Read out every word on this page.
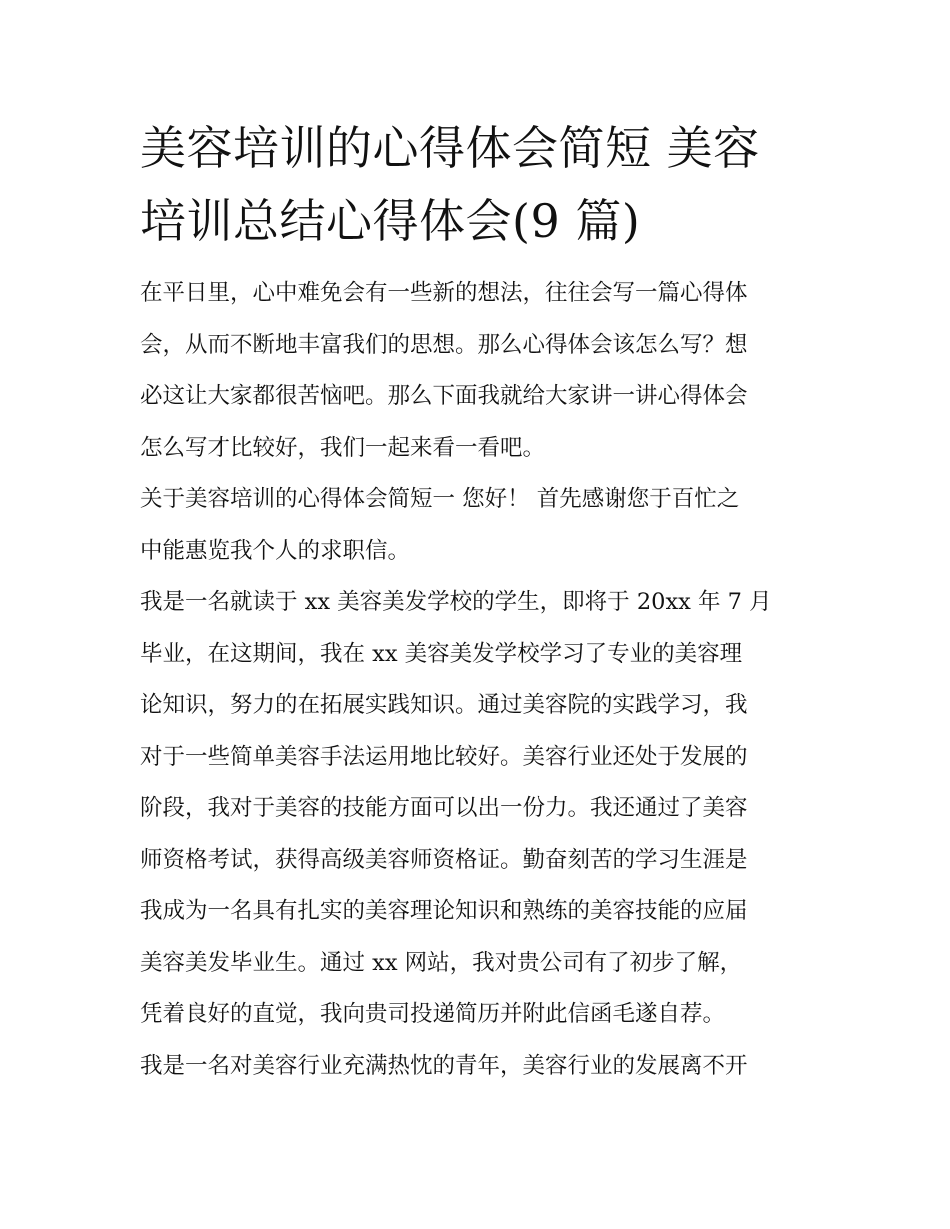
美容培训的心得体会简短 美容
培训总结心得体会(9 篇)

在平日里，心中难免会有一些新的想法，往往会写一篇心得体
会，从而不断地丰富我们的思想。那么心得体会该怎么写？想
必这让大家都很苦恼吧。那么下面我就给大家讲一讲心得体会
怎么写才比较好，我们一起来看一看吧。

关于美容培训的心得体会简短一 您好！ 首先感谢您于百忙之
中能惠览我个人的求职信。

我是一名就读于 xx 美容美发学校的学生，即将于 20xx 年 7 月
毕业，在这期间，我在 xx 美容美发学校学习了专业的美容理
论知识，努力的在拓展实践知识。通过美容院的实践学习，我
对于一些简单美容手法运用地比较好。美容行业还处于发展的
阶段，我对于美容的技能方面可以出一份力。我还通过了美容
师资格考试，获得高级美容师资格证。勤奋刻苦的学习生涯是
我成为一名具有扎实的美容理论知识和熟练的美容技能的应届
美容美发毕业生。通过 xx 网站，我对贵公司有了初步了解，
凭着良好的直觉，我向贵司投递简历并附此信函毛遂自荐。

我是一名对美容行业充满热忱的青年，美容行业的发展离不开
